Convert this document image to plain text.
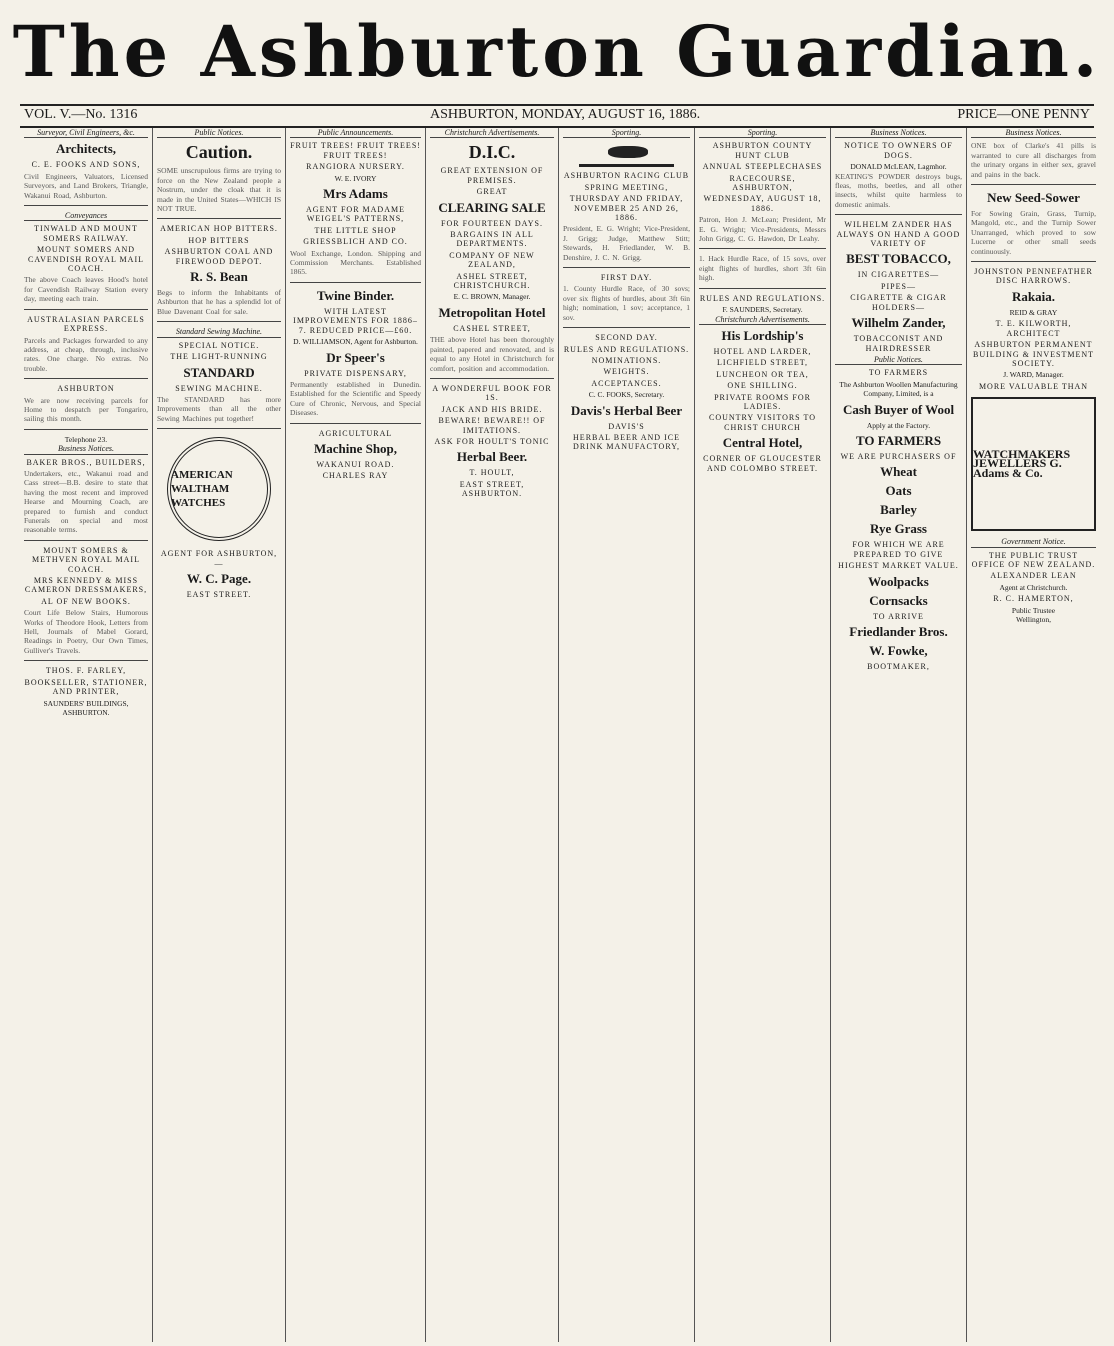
The Ashburton Guardian.
VOL. V.—No. 1316	ASHBURTON, MONDAY, AUGUST 16, 1886.	PRICE—ONE PENNY
Surveyor, Civil Engineers, &c.
Architects,
C. E. FOOKS AND SONS,
Civil Engineers, Valuators, Licensed Surveyors, and Land Brokers, Triangle, Wakanui Road, Ashburton.
Conveyances
TINWALD AND MOUNT SOMERS RAILWAY.
MOUNT SOMERS AND CAVENDISH ROYAL MAIL COACH.
The above Coach leaves Hood's hotel for Cavendish Railway Station every day, meeting each train.
AUSTRALASIAN PARCELS EXPRESS.
Parcels and Packages forwarded to any address, at cheap, through, inclusive rates. One charge. No extras. No trouble.
ASHBURTON
We are now receiving parcels for Home to despatch per Tongariro, sailing this month.
Telephone 23.
Business Notices.
BAKER BROS., BUILDERS,
Undertakers, etc., Wakanui road and Cass street—B.B. desire to state that having the most recent and improved Hearse and Mourning Coach, are prepared to furnish and conduct Funerals on special and most reasonable terms.
MOUNT SOMERS & METHVEN ROYAL MAIL COACH.
MRS KENNEDY & MISS CAMERON DRESSMAKERS,
AL OF NEW BOOKS.
Court Life Below Stairs, Humorous Works of Theodore Hook, Letters from Hell, Journals of Mabel Gorard, Readings in Poetry, Our Own Times, Gulliver's Travels.
THOS. F. FARLEY,
BOOKSELLER, STATIONER, AND PRINTER,
SAUNDERS' BUILDINGS, ASHBURTON.
Public Notices.
Caution.
SOME unscrupulous firms are trying to force on the New Zealand people a Nostrum, under the cloak that it is made in the United States—WHICH IS NOT TRUE.
AMERICAN HOP BITTERS.
HOP BITTERS
ASHBURTON COAL AND FIREWOOD DEPOT.
R. S. Bean
Begs to inform the Inhabitants of Ashburton that he has a splendid lot of Blue Davenant Coal for sale.
Standard Sewing Machine.
SPECIAL NOTICE.
THE LIGHT-RUNNING
STANDARD
SEWING MACHINE.
The STANDARD has more Improvements than all the other Sewing Machines put together!
AMERICAN WALTHAM WATCHES
AGENT FOR ASHBURTON,—
W. C. Page.
EAST STREET.
Public Announcements.
FRUIT TREES! FRUIT TREES! FRUIT TREES!
RANGIORA NURSERY.
W. E. IVORY
Mrs Adams
AGENT FOR MADAME WEIGEL'S PATTERNS,
THE LITTLE SHOP
GRIESSBLICH AND CO.
Wool Exchange, London. Shipping and Commission Merchants. Established 1865.
Twine Binder.
WITH LATEST IMPROVEMENTS FOR 1886–7. REDUCED PRICE—£60.
D. WILLIAMSON, Agent for Ashburton.
Dr Speer's
PRIVATE DISPENSARY,
Permanently established in Dunedin. Established for the Scientific and Speedy Cure of Chronic, Nervous, and Special Diseases.
AGRICULTURAL
Machine Shop,
WAKANUI ROAD.
CHARLES RAY
Christchurch Advertisements.
D.I.C.
GREAT EXTENSION OF PREMISES.
GREAT
CLEARING SALE
FOR FOURTEEN DAYS.
BARGAINS IN ALL DEPARTMENTS.
COMPANY OF NEW ZEALAND,
ASHEL STREET, CHRISTCHURCH.
E. C. BROWN, Manager.
Metropolitan Hotel
CASHEL STREET,
THE above Hotel has been thoroughly painted, papered and renovated, and is equal to any Hotel in Christchurch for comfort, position and accommodation.
A WONDERFUL BOOK FOR 1S.
JACK AND HIS BRIDE.
BEWARE! BEWARE!! OF IMITATIONS.
ASK FOR HOULT'S TONIC
Herbal Beer.
T. HOULT,
EAST STREET, ASHBURTON.
Sporting.
ASHBURTON RACING CLUB
SPRING MEETING,
THURSDAY AND FRIDAY, NOVEMBER 25 AND 26, 1886.
President, E. G. Wright; Vice-President, J. Grigg; Judge, Matthew Stitt; Stewards, H. Friedlander, W. B. Denshire, J. C. N. Grigg.
FIRST DAY.
1. County Hurdle Race, of 30 sovs; over six flights of hurdles, about 3ft 6in high; nomination, 1 sov; acceptance, 1 sov.
SECOND DAY.
RULES AND REGULATIONS.
NOMINATIONS.
WEIGHTS.
ACCEPTANCES.
C. C. FOOKS, Secretary.
Davis's Herbal Beer
DAVIS'S
HERBAL BEER AND ICE DRINK MANUFACTORY,
Sporting.
ASHBURTON COUNTY HUNT CLUB
ANNUAL STEEPLECHASES
RACECOURSE, ASHBURTON,
WEDNESDAY, AUGUST 18, 1886.
Patron, Hon J. McLean; President, Mr E. G. Wright; Vice-Presidents, Messrs John Grigg, C. G. Hawdon, Dr Leahy.
1. Hack Hurdle Race, of 15 sovs, over eight flights of hurdles, short 3ft 6in high.
RULES AND REGULATIONS.
F. SAUNDERS, Secretary.
Christchurch Advertisements.
His Lordship's
HOTEL AND LARDER,
LICHFIELD STREET,
LUNCHEON OR TEA,
ONE SHILLING.
PRIVATE ROOMS FOR LADIES.
COUNTRY VISITORS TO CHRIST CHURCH
Central Hotel,
CORNER OF GLOUCESTER AND COLOMBO STREET.
Business Notices.
NOTICE TO OWNERS OF DOGS.
DONALD McLEAN, Lagmhor.
KEATING'S POWDER destroys bugs, fleas, moths, beetles, and all other insects, whilst quite harmless to domestic animals.
WILHELM ZANDER HAS ALWAYS ON HAND A GOOD VARIETY OF
BEST TOBACCO,
IN CIGARETTES—
PIPES—
CIGARETTE & CIGAR HOLDERS—
Wilhelm Zander,
TOBACCONIST AND HAIRDRESSER
Public Notices.
TO FARMERS
The Ashburton Woollen Manufacturing Company, Limited, is a
Cash Buyer of Wool
Apply at the Factory.
TO FARMERS
WE ARE PURCHASERS OF
Wheat
Oats
Barley
Rye Grass
FOR WHICH WE ARE PREPARED TO GIVE
HIGHEST MARKET VALUE.
Woolpacks
Cornsacks
TO ARRIVE
Friedlander Bros.
W. Fowke,
BOOTMAKER,
Business Notices.
ONE box of Clarke's 41 pills is warranted to cure all discharges from the urinary organs in either sex, gravel and pains in the back.
New Seed-Sower
For Sowing Grain, Grass, Turnip, Mangold, etc., and the Turnip Sower Unarranged, which proved to sow Lucerne or other small seeds continuously.
JOHNSTON PENNEFATHER DISC HARROWS.
Rakaia.
REID & GRAY
T. E. KILWORTH, ARCHITECT
ASHBURTON PERMANENT BUILDING & INVESTMENT SOCIETY.
J. WARD, Manager.
MORE VALUABLE THAN
WATCHMAKERS JEWELLERS G. Adams & Co.
Government Notice.
THE PUBLIC TRUST OFFICE OF NEW ZEALAND.
ALEXANDER LEAN
Agent at Christchurch.
R. C. HAMERTON,
Public Trustee
Wellington,
